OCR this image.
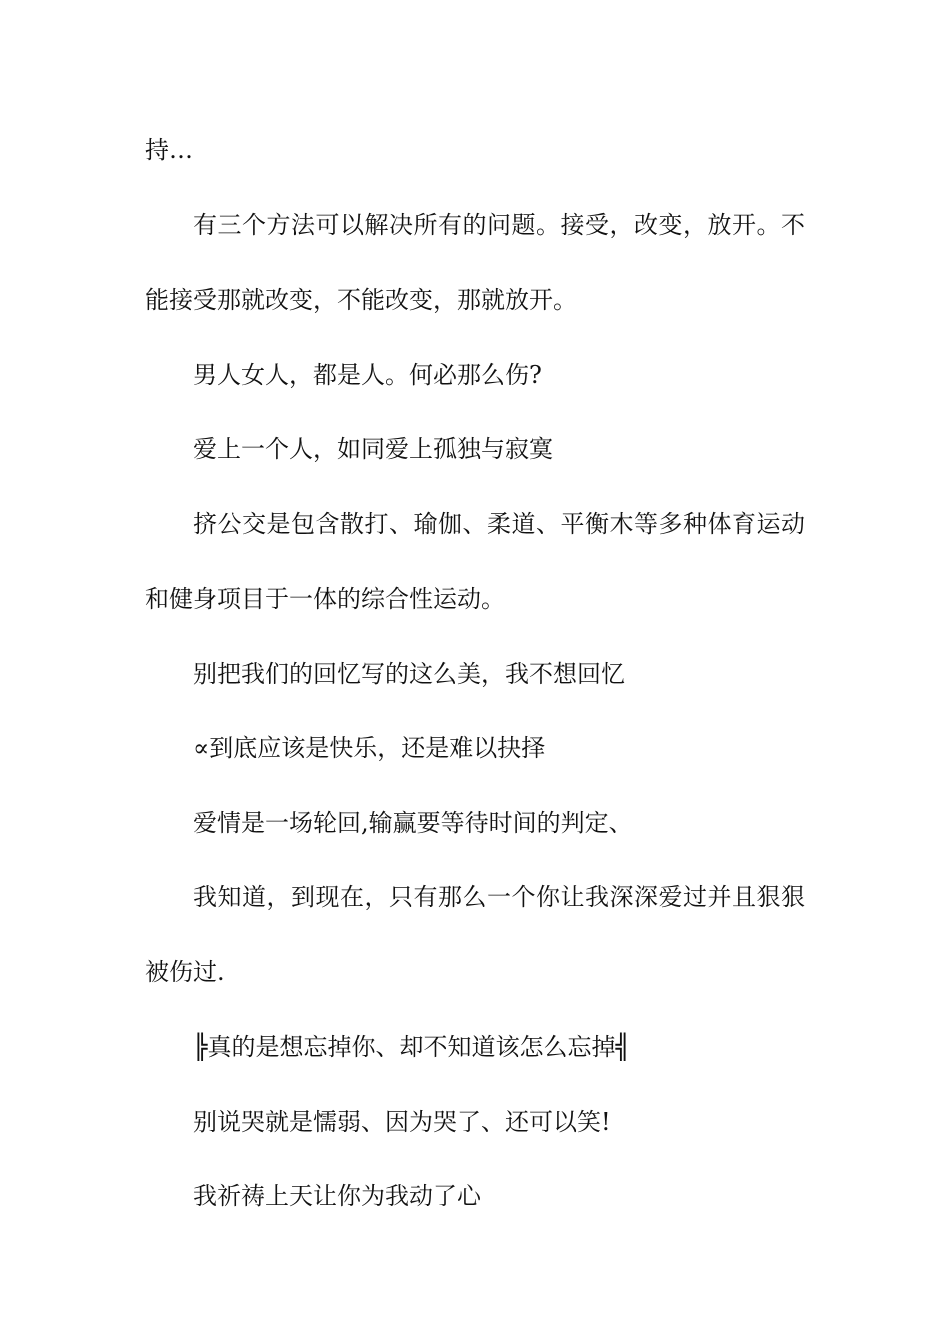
持…
有三个方法可以解决所有的问题。接受，改变，放开。不
能接受那就改变，不能改变，那就放开。
男人女人，都是人。何必那么伤?
爱上一个人，如同爱上孤独与寂寞
挤公交是包含散打、瑜伽、柔道、平衡木等多种体育运动
和健身项目于一体的综合性运动。
别把我们的回忆写的这么美，我不想回忆
∝到底应该是快乐，还是难以抉择
爱情是一场轮回,输赢要等待时间的判定、
我知道，到现在，只有那么一个你让我深深爱过并且狠狠
被伤过.
╠真的是想忘掉你、却不知道该怎么忘掉╣
别说哭就是懦弱、因为哭了、还可以笑!
我祈祷上天让你为我动了心
